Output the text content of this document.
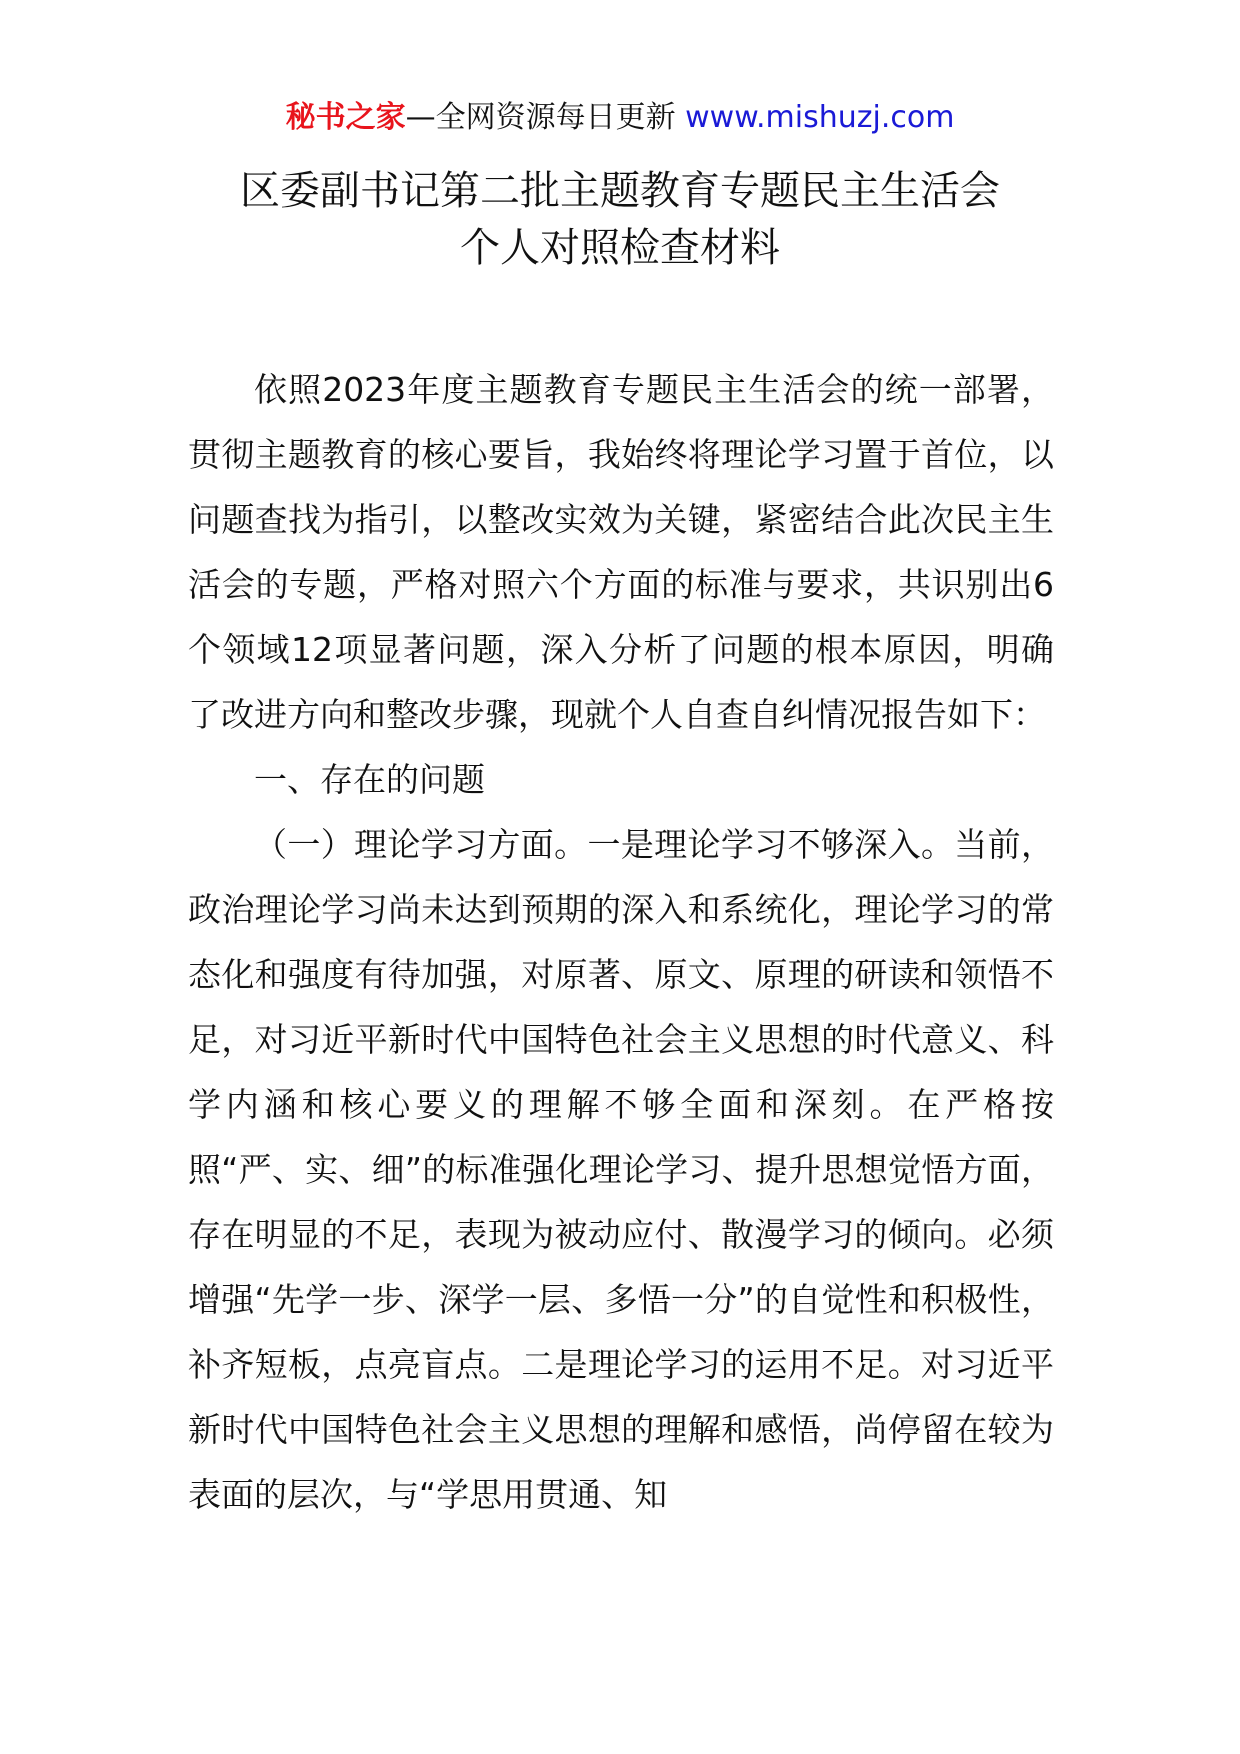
秘书之家—全网资源每日更新 www.mishuzj.com
区委副书记第二批主题教育专题民主生活会
个人对照检查材料

依照2023年度主题教育专题民主生活会的统一部署，贯彻主题教育的核心要旨，我始终将理论学习置于首位，以问题查找为指引，以整改实效为关键，紧密结合此次民主生活会的专题，严格对照六个方面的标准与要求，共识别出6个领域12项显著问题，深入分析了问题的根本原因，明确了改进方向和整改步骤，现就个人自查自纠情况报告如下：

一、存在的问题

（一）理论学习方面。一是理论学习不够深入。当前，政治理论学习尚未达到预期的深入和系统化，理论学习的常态化和强度有待加强，对原著、原文、原理的研读和领悟不足，对习近平新时代中国特色社会主义思想的时代意义、科学内涵和核心要义的理解不够全面和深刻。在严格按照“严、实、细”的标准强化理论学习、提升思想觉悟方面，存在明显的不足，表现为被动应付、散漫学习的倾向。必须增强“先学一步、深学一层、多悟一分”的自觉性和积极性，补齐短板，点亮盲点。二是理论学习的运用不足。对习近平新时代中国特色社会主义思想的理解和感悟，尚停留在较为表面的层次，与“学思用贯通、知
